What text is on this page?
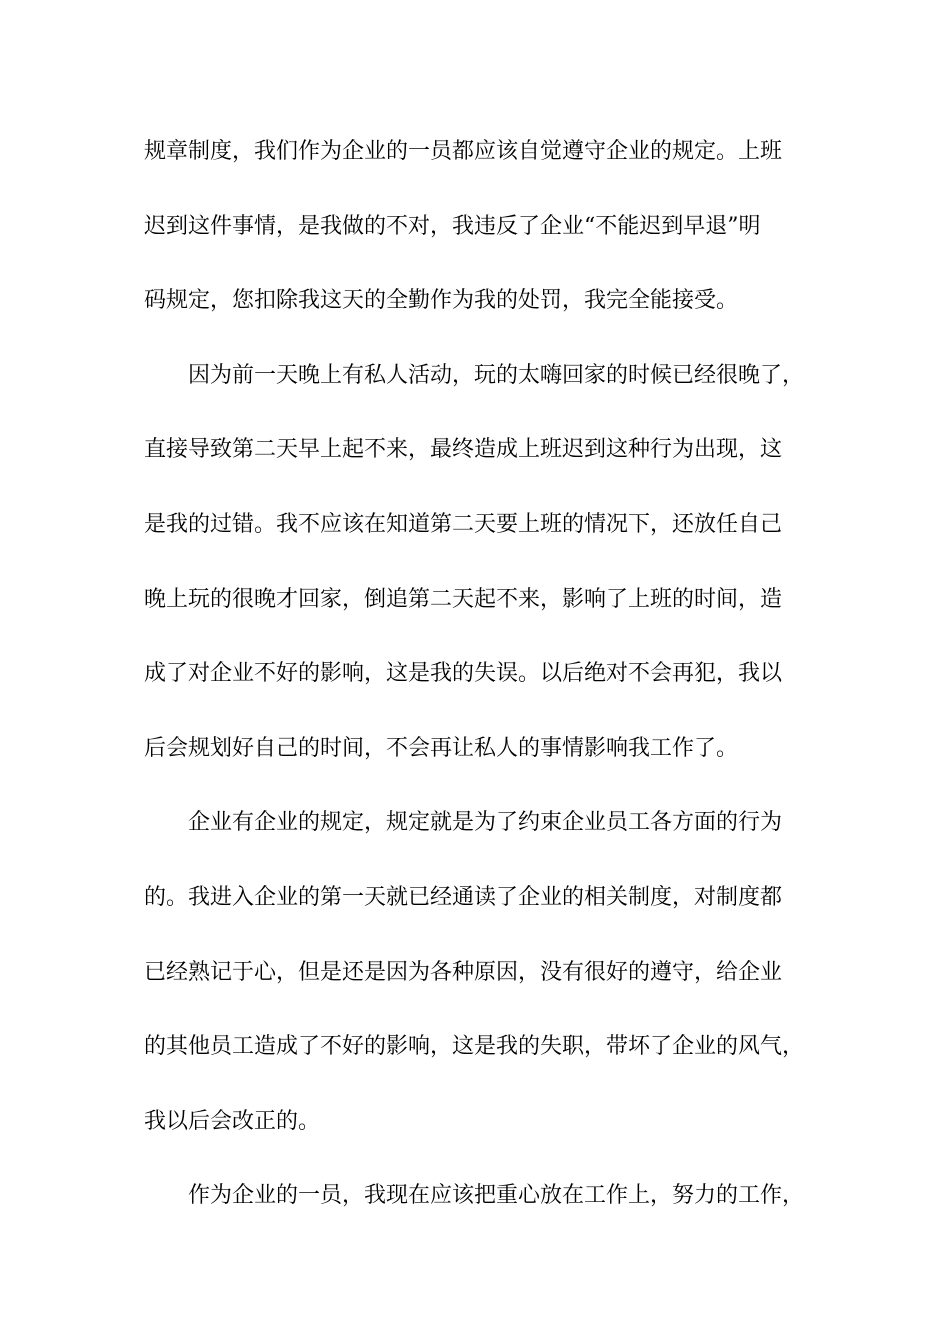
规章制度，我们作为企业的一员都应该自觉遵守企业的规定。上班
迟到这件事情，是我做的不对，我违反了企业“不能迟到早退”明
码规定，您扣除我这天的全勤作为我的处罚，我完全能接受。
因为前一天晚上有私人活动，玩的太嗨回家的时候已经很晚了，
直接导致第二天早上起不来，最终造成上班迟到这种行为出现，这
是我的过错。我不应该在知道第二天要上班的情况下，还放任自己
晚上玩的很晚才回家，倒追第二天起不来，影响了上班的时间，造
成了对企业不好的影响，这是我的失误。以后绝对不会再犯，我以
后会规划好自己的时间，不会再让私人的事情影响我工作了。
企业有企业的规定，规定就是为了约束企业员工各方面的行为
的。我进入企业的第一天就已经通读了企业的相关制度，对制度都
已经熟记于心，但是还是因为各种原因，没有很好的遵守，给企业
的其他员工造成了不好的影响，这是我的失职，带坏了企业的风气，
我以后会改正的。
作为企业的一员，我现在应该把重心放在工作上，努力的工作，
